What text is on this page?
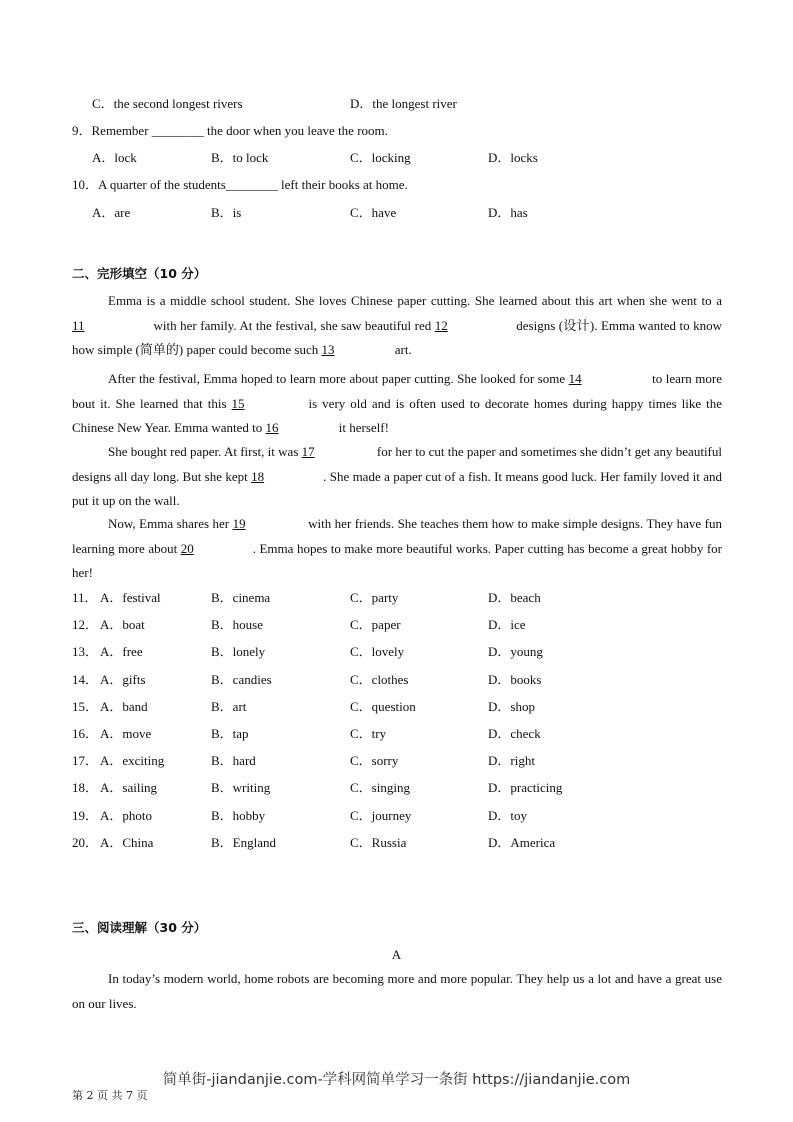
C．the second longest rivers	D．the longest river
9．Remember ________ the door when you leave the room.
A．lock	B．to lock	C．locking	D．locks
10．A quarter of the students________ left their books at home.
A．are	B．is	C．have	D．has
二、完形填空（10 分）
Emma is a middle school student. She loves Chinese paper cutting. She learned about this art when she went to a 11	with her family. At the festival, she saw beautiful red 12	designs (设计). Emma wanted to know how simple (简单的) paper could become such 13	art.
After the festival, Emma hoped to learn more about paper cutting. She looked for some 14	to learn more bout it. She learned that this 15	is very old and is often used to decorate homes during happy times like the Chinese New Year. Emma wanted to 16	it herself!
She bought red paper. At first, it was 17	for her to cut the paper and sometimes she didn’t get any beautiful designs all day long. But she kept 18	. She made a paper cut of a fish. It means good luck. Her family loved it and put it up on the wall.
Now, Emma shares her 19	with her friends. She teaches them how to make simple designs. They have fun learning more about 20	. Emma hopes to make more beautiful works. Paper cutting has become a great hobby for her!
11． A．festival	B．cinema	C．party	D．beach
12． A．boat	B．house	C．paper	D．ice
13． A．free	B．lonely	C．lovely	D．young
14． A．gifts	B．candies	C．clothes	D．books
15． A．band	B．art	C．question	D．shop
16． A．move	B．tap	C．try	D．check
17． A．exciting	B．hard	C．sorry	D．right
18． A．sailing	B．writing	C．singing	D．practicing
19． A．photo	B．hobby	C．journey	D．toy
20． A．China	B．England	C．Russia	D．America
三、阅读理解（30 分）
A
In today’s modern world, home robots are becoming more and more popular. They help us a lot and have a great use on our lives.
简单街-jiandanjie.com-学科网简单学习一条街 https://jiandanjie.com
第 2 页 共 7 页
